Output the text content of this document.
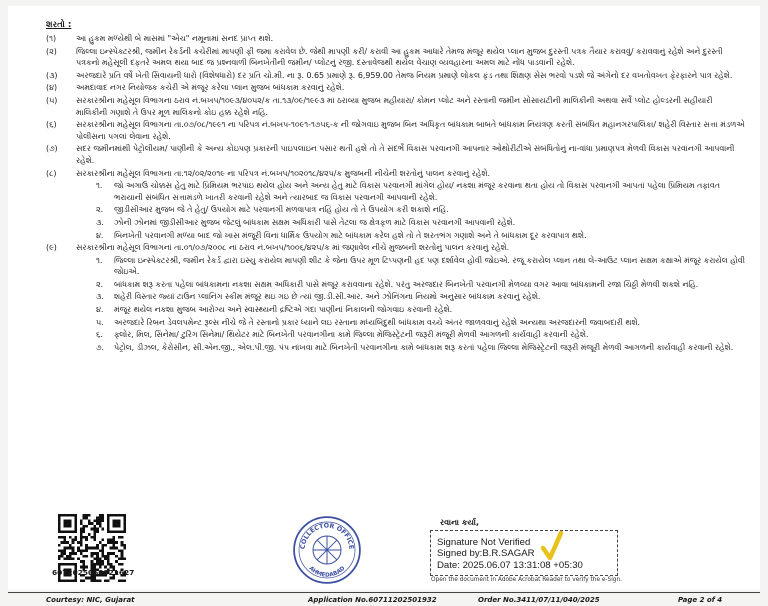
શરતો :
(૧)	આ હુકમ મળ્યેથી બે માસમાં "એચ" નમૂનામાં સનદ પ્રાપ્ત થશે.
(૨)	જિલ્લા ઇન્સ્પેક્ટરશ્રી, જમીન રેકર્ડની કચેરીમાં માપણી ફી જમા કરાવેલ છે. જેથી માપણી કરી/ કરાવી આ હુકમ આધારે તેમજ મંજૂર થયેલ પ્લાન મુજબ દુરસ્તી પત્રક તૈયાર કરાવવું/ કરાવવાનું રહેશે અને દુરસ્તી પત્રકનો મહેસૂલી દફતરે અમલ થયા બાદ જ પ્રશ્નવાળી બિનખેતીની જમીન/ પ્લોટનું રજી. દસ્તાવેજથી થયેલ વેચાણ વ્યવહારના અમલ માટે નોંધ પાડવાની રહેશે.
(૩)	અરજદારે પ્રતિ વર્ષે ખેતી સિવાયની ધારો (વિશેષધારો) દર પ્રતિ ચો.મી. ના રૂ. 0.65 પ્રમાણે રૂ. 6,959.00 તેમજ નિયમ પ્રમાણે લોકલ ફંડ તથા શિક્ષણ સેસ ભરવો પડશે જે અંગેનો દર વખતોવખત ફેરફારને પાત્ર રહેશે.
(૪)	અમદાવાદ નગર નિયોજક કચેરી એ મંજૂર કરેલા પ્લાન મુજબ બાંધકામ કરવાનું રહેશે.
(૫)	સરકારશ્રીના મહેસૂલ વિભાગના ઠરાવ નં.બખપ/૧૦૯૩/૪૦૫૨/ક તા.૧૩/૦૯/૧૯૯૩ માં ઠરાવ્યા મુજબ મહીયારા/ કોમન પ્લોટ અને રસ્તાની જમીન સોસાયટીની માલિકીની અથવા સર્વે પ્લોટ હોલ્ડરની સહીયારી માલિકીની ગણાશે તે ઉપર મૂળ માલિકનો કોઇ હક્ક રહેશે નહિ.
(૬)	સરકારશ્રીના મહેસૂલ વિભાગના તા.૦૭/૦૮/૧૯૯૧ ના પરિપત્ર નં.બખપ-૧૦૯૧-૧૭૫૬-ક ની જોગવાઇ મુજબ બિન અધિકૃત બાંધકામ બાબતે બાંધકામ નિયંત્રણ કરતી સંબંધિત મહાનગરપાલિકા/ શહેરી વિસ્તાર સત્તા મંડળએ પોલીસના પગલાં લેવાના રહેશે.
(૭)	સદર જમીનમાંથી પેટ્રોલીયમ/ પાણીની કે અન્ય કોઇપણ પ્રકારની પાઇપલાઇન પસાર થતી હશે તો તે સંદર્ભે વિકાસ પરવાનગી આપનાર ઓથોરીટીએ સંબંધિતોનું ના-વાંધા પ્રમાણપત્ર મેળવી વિકાસ પરવાનગી આપવાની રહેશે.
(૮)	સરકારશ્રીના મહેસૂલ વિભાગના તા.૧૨/૦૨/૨૦૧૯ ના પરિપત્ર નં.બખપ/૧૦૨૦૧૮/૪૨૫/ક મુજબની નીચેની શરતોનું પાલન કરવાનું રહેશે.
૧.	જો અગાઉ ચોક્કસ હેતુ માટે પ્રિમિયમ ભરપાઇ થયેલ હોય અને અન્ય હેતુ માટે વિકાસ પરવાનગી માંગેલ હોય/ નકશા મંજૂર કરવાના થતા હોય તો વિકાસ પરવાનગી આપતાં પહેલા પ્રિમિયમ તફાવત ભરાયાની સંબંધિત સત્તામંડળે ખાતરી કરવાની રહેશે અને ત્યારબાદ જ વિકાસ પરવાનગી આપવાની રહેશે.
૨.	જીડીસીઆર મુજબ જે તે હેતુ/ ઉપયોગ માટે પરવાનગી મળવાપાત્ર નહિં હોય તો તે ઉપયોગ કરી શકાશે નહિં.
૩.	ઝોની ઝોનમાં જીડીસીઆર મુજબ જેટલું બાંધકામ સક્ષમ અધિકારી પાસે તેટલા જ ક્ષેત્રફળ માટે વિકાસ પરવાનગી આપવાની રહેશે.
૪.	બિનખેતી પરવાનગી મળ્યા બાદ જો ખાસ મંજૂરી વિના ધાર્મિક ઉપયોગ માટે બાંધકામ કરેલ હશે તો તે શરતભંગ ગણાશે અને તે બાંધકામ દૂર કરવાપાત્ર થશે.
(૯)	સરકારશ્રીના મહેસૂલ વિભાગનાં તા.૦૧/૦૭/૨૦૦૮ ના ઠરાવ નં.બખપ/૧૦૦૬/૪૨૫/ક માં જણાવેલ નીચે મુજબની શરતોનું પાલન કરવાનું રહેશે.
૧.	જિલ્લા ઇન્સ્પેક્ટરશ્રી, જમીન રેકર્ડ દ્વારા ઇસ્યુ કરાયેલ માપણી શીટ કે જેના ઉપર મૂળ ટિપ્પણની હદ પણ દર્શાવેલ હોવી જોઇએ. રજૂ કરાયેલ પ્લાન તથા લે-આઉટ પ્લાન સક્ષમ કક્ષાએ મંજૂર કરાયેલ હોવી જોઇએ.
૨.	બાંધકામ શરૂ કરતા પહેલા બાંધકામના નકશા સક્ષમ અધિકારી પાસે મંજૂર કરાવવાના રહેશે. પરંતુ અરજદાર બિનખેતી પરવાનગી મેળવ્યા વગર આવા બાંધકામની રજા ચિઠ્ઠી મેળવી શકશે નહિ.
૩.	શહેરી વિસ્તાર જ્યાં ટાઉન પ્લાનિંગ સ્કીમ મંજૂર થઇ ગઇ છે ત્યાં જી.ડી.સી.આર. અને ઝોનિંગના નિયમો અનુસાર બાંધકામ કરવાનું રહેશે.
૪.	મંજૂર થયેલ નકશા મુજબ આરોગ્ય અને સ્વાસ્થ્યની દ્રષ્ટિએ ગંદા પાણીનાં નિકાલની જોગવાઇ કરવાની રહેશે.
૫.	અરજદારે રિબન ડેવલપમેન્ટ રૂલ્સ નીચે જે તે રસ્તાનો પ્રકાર ધ્યાને લઇ રસ્તાના મધ્યબિંદુથી બાંધકામ વચ્ચે અંતર જાળવવાનું રહેશે અન્યથા અરજદારની જવાબદારી થશે.
૬.	ફ્લોર, મિલ, સિનેમા/ ટુરિંગ સિનેમા/ થિયેટર માટે બિનખેતી પરવાનગીના કામે જિલ્લા મેજિસ્ટ્રેટની જરૂરી મંજૂરી મેળવી આગળની કાર્યવાહી કરવાની રહેશે.
૭.	પેટ્રોલ, ડીઝલ, કેરોસીન, સી.એન.જી., એલ.પી.જી. પંપ નાંખવા માટે બિનખેતી પરવાનગીના કામે બાંધકામ શરૂ કરતાં પહેલા જિલ્લા મેજિસ્ટ્રેટની જરૂરી મંજૂરી મેળવી આગળની કાર્યવાહી કરવાની રહેશે.
6072025060021627
COLLECTOR OFFICE
AHMEDABAD
રવાના કર્યા,
Signature Not Verified
Signed by:B.R.SAGAR
Date: 2025.06.07 13:31:08 +05:30
Open the document in Adobe Acrobat Reader to verify the e-Sign.
Courtesy: NIC, Gujarat	Application No.60711202501932	Order No.3411/07/11/040/2025	Page 2 of 4
